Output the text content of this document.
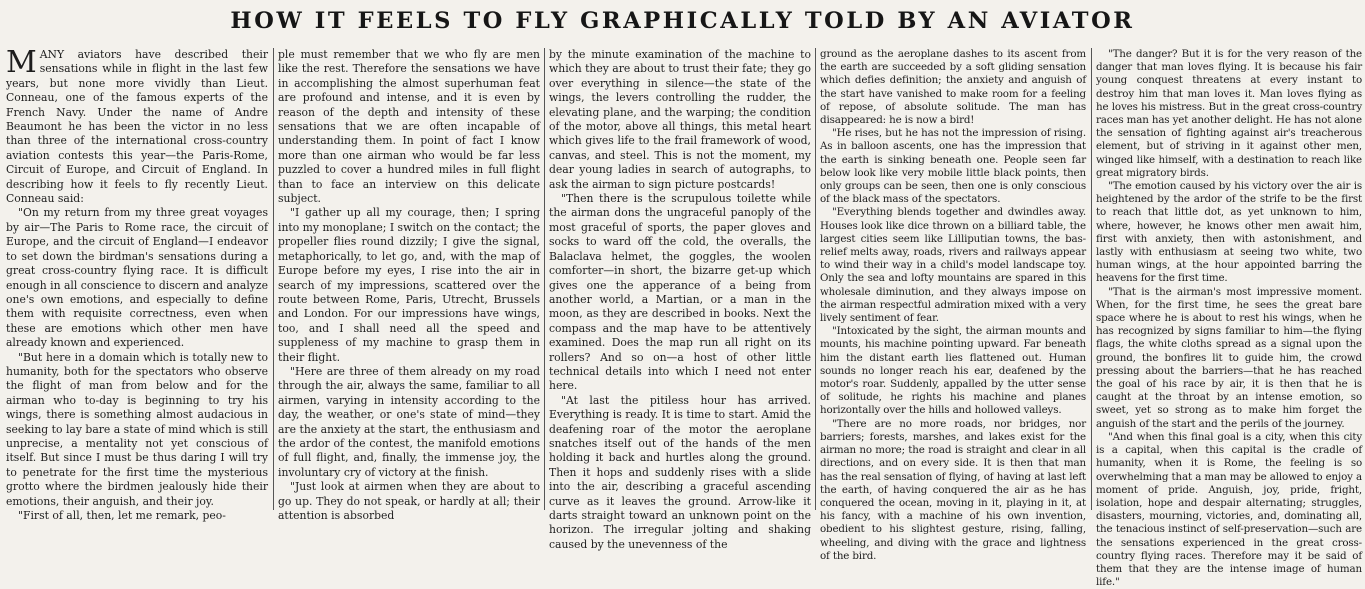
HOW IT FEELS TO FLY GRAPHICALLY TOLD BY AN AVIATOR

MANY aviators have described their sensations while in flight in the last few years, but none more vividly than Lieut. Conneau, one of the famous experts of the French Navy. Under the name of Andre Beaumont he has been the victor in no less than three of the international cross-country aviation contests this year—the Paris-Rome, Circuit of Europe, and Circuit of England. In describing how it feels to fly recently Lieut. Conneau said:

"On my return from my three great voyages by air—The Paris to Rome race, the circuit of Europe, and the circuit of England—I endeavor to set down the birdman's sensations during a great cross-country flying race. It is difficult enough in all conscience to discern and analyze one's own emotions, and especially to define them with requisite correctness, even when these are emotions which other men have already known and experienced.

"But here in a domain which is totally new to humanity, both for the spectators who observe the flight of man from below and for the airman who to-day is beginning to try his wings, there is something almost audacious in seeking to lay bare a state of mind which is still unprecise, a mentality not yet conscious of itself. But since I must be thus daring I will try to penetrate for the first time the mysterious grotto where the birdmen jealously hide their emotions, their anguish, and their joy.

"First of all, then, let me remark, peo-

ple must remember that we who fly are men like the rest. Therefore the sensations we have in accomplishing the almost superhuman feat are profound and intense, and it is even by reason of the depth and intensity of these sensations that we are often incapable of understanding them. In point of fact I know more than one airman who would be far less puzzled to cover a hundred miles in full flight than to face an interview on this delicate subject.

"I gather up all my courage, then; I spring into my monoplane; I switch on the contact; the propeller flies round dizzily; I give the signal, metaphorically, to let go, and, with the map of Europe before my eyes, I rise into the air in search of my impressions, scattered over the route between Rome, Paris, Utrecht, Brussels and London. For our impressions have wings, too, and I shall need all the speed and suppleness of my machine to grasp them in their flight.

"Here are three of them already on my road through the air, always the same, familiar to all airmen, varying in intensity according to the day, the weather, or one's state of mind—they are the anxiety at the start, the enthusiasm and the ardor of the contest, the manifold emotions of full flight, and, finally, the immense joy, the involuntary cry of victory at the finish.

"Just look at airmen when they are about to go up. They do not speak, or hardly at all; their attention is absorbed

by the minute examination of the machine to which they are about to trust their fate; they go over everything in silence—the state of the wings, the levers controlling the rudder, the elevating plane, and the warping; the condition of the motor, above all things, this metal heart which gives life to the frail framework of wood, canvas, and steel. This is not the moment, my dear young ladies in search of autographs, to ask the airman to sign picture postcards!

"Then there is the scrupulous toilette while the airman dons the ungraceful panoply of the most graceful of sports, the paper gloves and socks to ward off the cold, the overalls, the Balaclava helmet, the goggles, the woolen comforter—in short, the bizarre get-up which gives one the apperance of a being from another world, a Martian, or a man in the moon, as they are described in books. Next the compass and the map have to be attentively examined. Does the map run all right on its rollers? And so on—a host of other little technical details into which I need not enter here.

"At last the pitiless hour has arrived. Everything is ready. It is time to start. Amid the deafening roar of the motor the aeroplane snatches itself out of the hands of the men holding it back and hurtles along the ground. Then it hops and suddenly rises with a slide into the air, describing a graceful ascending curve as it leaves the ground. Arrow-like it darts straight toward an unknown point on the horizon. The irregular jolting and shaking caused by the unevenness of the

ground as the aeroplane dashes to its ascent from the earth are succeeded by a soft gliding sensation which defies definition; the anxiety and anguish of the start have vanished to make room for a feeling of repose, of absolute solitude. The man has disappeared: he is now a bird!

"He rises, but he has not the impression of rising. As in balloon ascents, one has the impression that the earth is sinking beneath one. People seen far below look like very mobile little black points, then only groups can be seen, then one is only conscious of the black mass of the spectators.

"Everything blends together and dwindles away. Houses look like dice thrown on a billiard table, the largest cities seem like Lilliputian towns, the bas-relief melts away, roads, rivers and railways appear to wind their way in a child's model landscape toy. Only the sea and lofty mountains are spared in this wholesale diminution, and they always impose on the airman respectful admiration mixed with a very lively sentiment of fear.

"Intoxicated by the sight, the airman mounts and mounts, his machine pointing upward. Far beneath him the distant earth lies flattened out. Human sounds no longer reach his ear, deafened by the motor's roar. Suddenly, appalled by the utter sense of solitude, he rights his machine and planes horizontally over the hills and hollowed valleys.

"There are no more roads, nor bridges, nor barriers; forests, marshes, and lakes exist for the airman no more; the road is straight and clear in all directions, and on every side. It is then that man has the real sensation of flying, of having at last left the earth, of having conquered the air as he has conquered the ocean, moving in it, playing in it, at his fancy, with a machine of his own invention, obedient to his slightest gesture, rising, falling, wheeling, and diving with the grace and lightness of the bird.

"The danger? But it is for the very reason of the danger that man loves flying. It is because his fair young conquest threatens at every instant to destroy him that man loves it. Man loves flying as he loves his mistress. But in the great cross-country races man has yet another delight. He has not alone the sensation of fighting against air's treacherous element, but of striving in it against other men, winged like himself, with a destination to reach like great migratory birds.

"The emotion caused by his victory over the air is heightened by the ardor of the strife to be the first to reach that little dot, as yet unknown to him, where, however, he knows other men await him, first with anxiety, then with astonishment, and lastly with enthusiasm at seeing two white, two human wings, at the hour appointed barring the heavens for the first time.

"That is the airman's most impressive moment. When, for the first time, he sees the great bare space where he is about to rest his wings, when he has recognized by signs familiar to him—the flying flags, the white cloths spread as a signal upon the ground, the bonfires lit to guide him, the crowd pressing about the barriers—that he has reached the goal of his race by air, it is then that he is caught at the throat by an intense emotion, so sweet, yet so strong as to make him forget the anguish of the start and the perils of the journey.

"And when this final goal is a city, when this city is a capital, when this capital is the cradle of humanity, when it is Rome, the feeling is so overwhelming that a man may be allowed to enjoy a moment of pride. Anguish, joy, pride, fright, isolation, hope and despair alternating; struggles, disasters, mourning, victories, and, dominating all, the tenacious instinct of self-preservation—such are the sensations experienced in the great cross-country flying races. Therefore may it be said of them that they are the intense image of human life."
